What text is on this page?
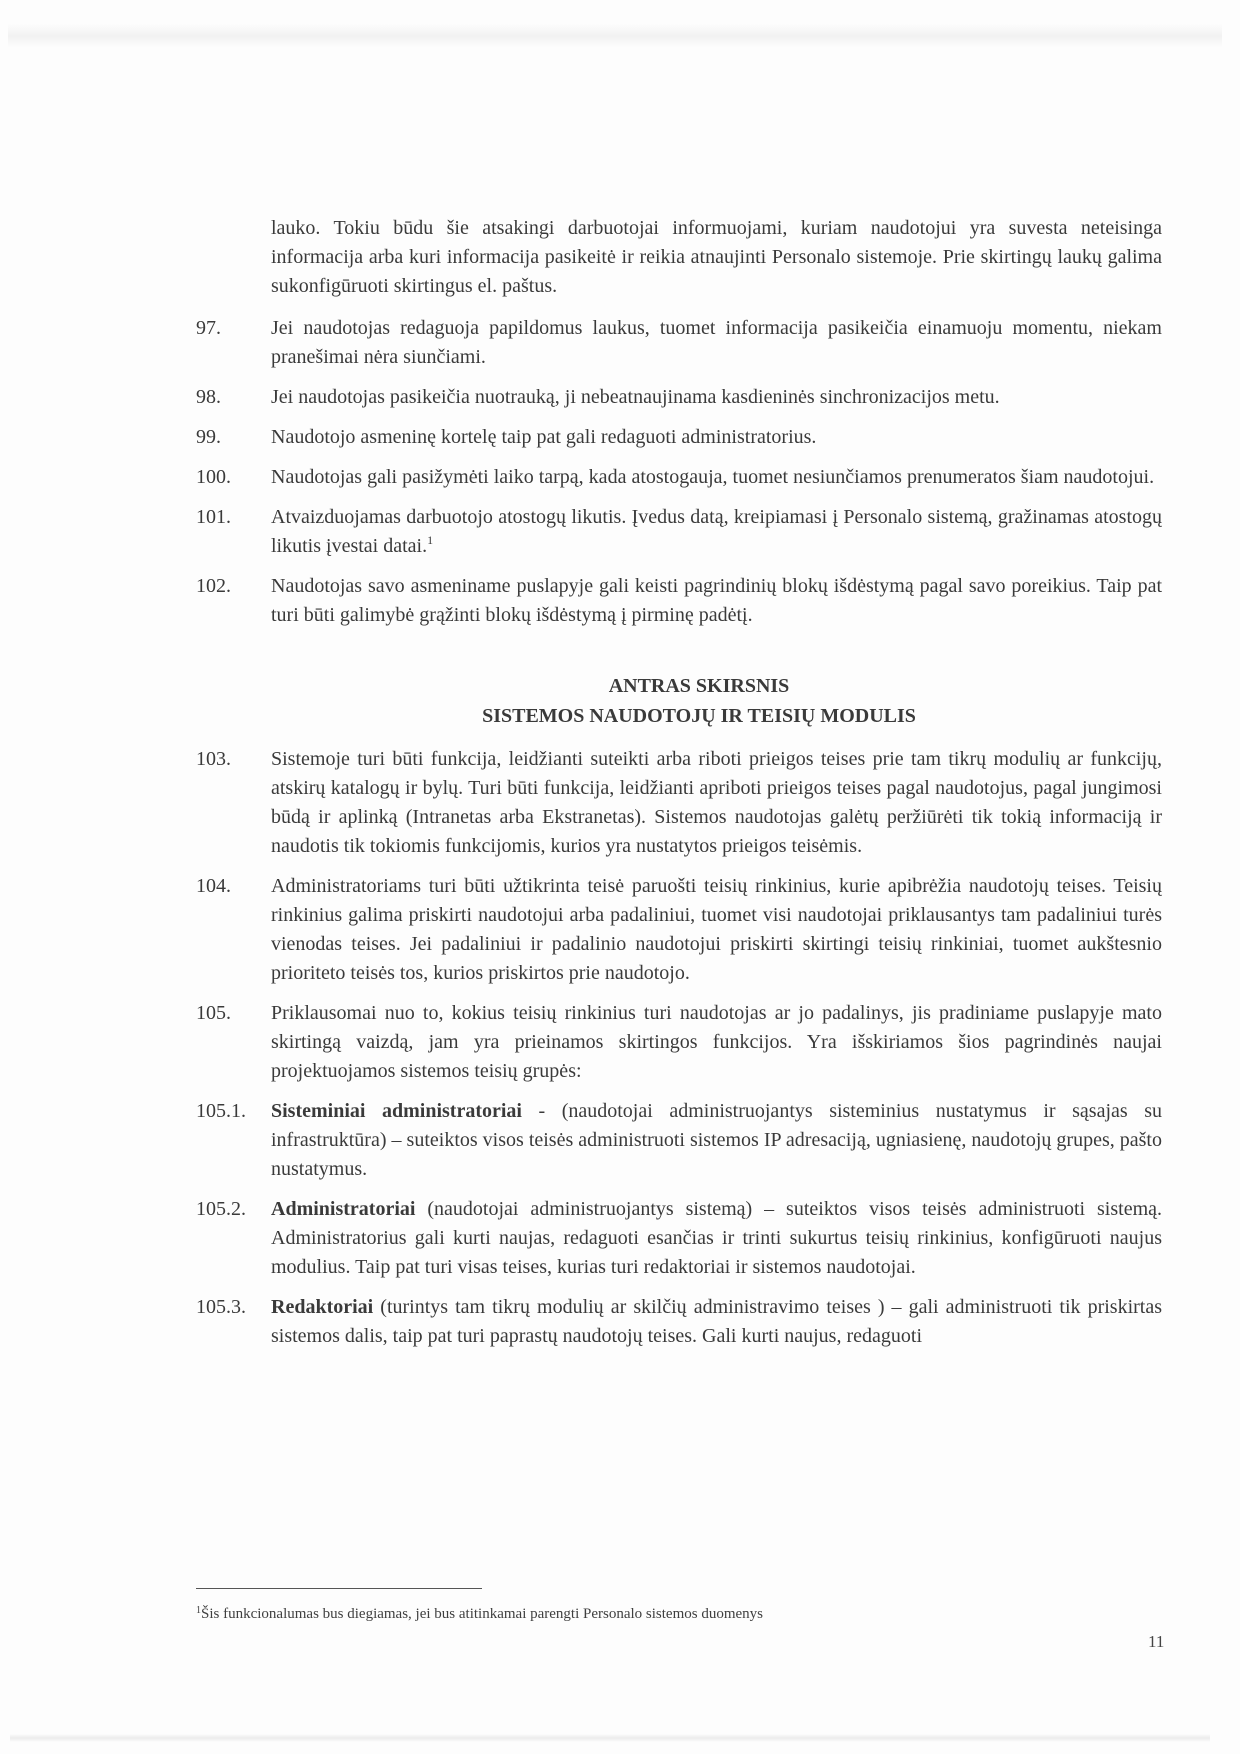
lauko. Tokiu būdu šie atsakingi darbuotojai informuojami, kuriam naudotojui yra suvesta neteisinga informacija arba kuri informacija pasikeitė ir reikia atnaujinti Personalo sistemoje. Prie skirtingų laukų galima sukonfigūruoti skirtingus el. paštus.
97.	Jei naudotojas redaguoja papildomus laukus, tuomet informacija pasikeičia einamuoju momentu, niekam pranešimai nėra siunčiami.
98.	Jei naudotojas pasikeičia nuotrauką, ji nebeatnaujinama kasdieninės sinchronizacijos metu.
99.	Naudotojo asmeninę kortelę taip pat gali redaguoti administratorius.
100.	Naudotojas gali pasižymėti laiko tarpą, kada atostogauja, tuomet nesiunčiamos prenumeratos šiam naudotojui.
101.	Atvaizduojamas darbuotojo atostogų likutis. Įvedus datą, kreipiamasi į Personalo sistemą, gražinamas atostogų likutis įvestai datai.$^1$
102.	Naudotojas savo asmeniname puslapyje gali keisti pagrindinių blokų išdėstymą pagal savo poreikius. Taip pat turi būti galimybė grąžinti blokų išdėstymą į pirminę padėtį.
ANTRAS SKIRSNIS
SISTEMOS NAUDOTOJŲ IR TEISIŲ MODULIS
103.	Sistemoje turi būti funkcija, leidžianti suteikti arba riboti prieigos teises prie tam tikrų modulių ar funkcijų, atskirų katalogų ir bylų. Turi būti funkcija, leidžianti apriboti prieigos teises pagal naudotojus, pagal jungimosi būdą ir aplinką (Intranetas arba Ekstranetas). Sistemos naudotojas galėtų peržiūrėti tik tokią informaciją ir naudotis tik tokiomis funkcijomis, kurios yra nustatytos prieigos teisėmis.
104.	Administratoriams turi būti užtikrinta teisė paruošti teisių rinkinius, kurie apibrėžia naudotojų teises. Teisių rinkinius galima priskirti naudotojui arba padaliniui, tuomet visi naudotojai priklausantys tam padaliniui turės vienodas teises. Jei padaliniui ir padalinio naudotojui priskirti skirtingi teisių rinkiniai, tuomet aukštesnio prioriteto teisės tos, kurios priskirtos prie naudotojo.
105.	Priklausomai nuo to, kokius teisių rinkinius turi naudotojas ar jo padalinys, jis pradiniame puslapyje mato skirtingą vaizdą, jam yra prieinamos skirtingos funkcijos. Yra išskiriamos šios pagrindinės naujai projektuojamos sistemos teisių grupės:
105.1.	Sisteminiai administratoriai - (naudotojai administruojantys sisteminius nustatymus ir sąsajas su infrastruktūra) – suteiktos visos teisės administruoti sistemos IP adresaciją, ugniasienę, naudotojų grupes, pašto nustatymus.
105.2.	Administratoriai (naudotojai administruojantys sistemą) – suteiktos visos teisės administruoti sistemą. Administratorius gali kurti naujas, redaguoti esančias ir trinti sukurtus teisių rinkinius, konfigūruoti naujus modulius. Taip pat turi visas teises, kurias turi redaktoriai ir sistemos naudotojai.
105.3.	Redaktoriai (turintys tam tikrų modulių ar skilčių administravimo teises ) – gali administruoti tik priskirtas sistemos dalis, taip pat turi paprastų naudotojų teises. Gali kurti naujus, redaguoti
$^1$Šis funkcionalumas bus diegiamas, jei bus atitinkamai parengti Personalo sistemos duomenys
11
